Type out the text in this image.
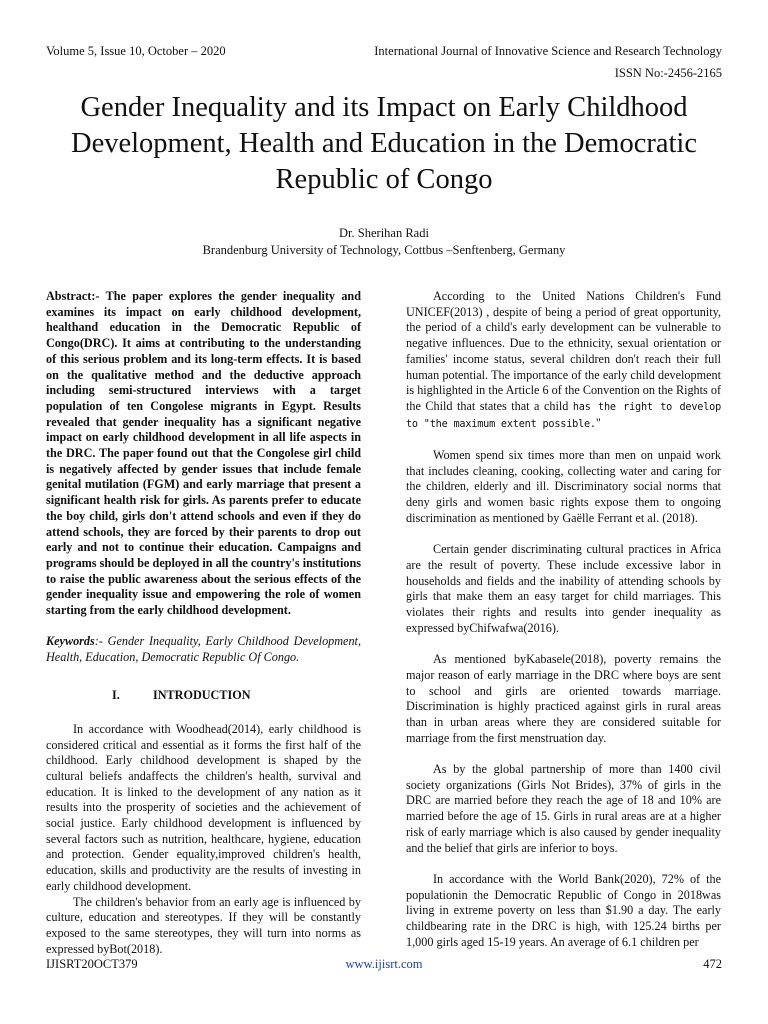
Volume 5, Issue 10, October – 2020	International Journal of Innovative Science and Research Technology
ISSN No:-2456-2165
Gender Inequality and its Impact on Early Childhood
Development, Health and Education in the Democratic
Republic of Congo
Dr. Sherihan Radi
Brandenburg University of Technology, Cottbus –Senftenberg, Germany

Abstract:- The paper explores the gender inequality and examines its impact on early childhood development, healthand education in the Democratic Republic of Congo(DRC). It aims at contributing to the understanding of this serious problem and its long-term effects. It is based on the qualitative method and the deductive approach including semi-structured interviews with a target population of ten Congolese migrants in Egypt. Results revealed that gender inequality has a significant negative impact on early childhood development in all life aspects in the DRC. The paper found out that the Congolese girl child is negatively affected by gender issues that include female genital mutilation (FGM) and early marriage that present a significant health risk for girls. As parents prefer to educate the boy child, girls don't attend schools and even if they do attend schools, they are forced by their parents to drop out early and not to continue their education. Campaigns and programs should be deployed in all the country's institutions to raise the public awareness about the serious effects of the gender inequality issue and empowering the role of women starting from the early childhood development.

Keywords:- Gender Inequality, Early Childhood Development, Health, Education, Democratic Republic Of Congo.

I.	INTRODUCTION

In accordance with Woodhead(2014), early childhood is considered critical and essential as it forms the first half of the childhood. Early childhood development is shaped by the cultural beliefs andaffects the children's health, survival and education. It is linked to the development of any nation as it results into the prosperity of societies and the achievement of social justice. Early childhood development is influenced by several factors such as nutrition, healthcare, hygiene, education and protection. Gender equality,improved children's health, education, skills and productivity are the results of investing in early childhood development.

The children's behavior from an early age is influenced by culture, education and stereotypes. If they will be constantly exposed to the same stereotypes, they will turn into norms as expressed byBot(2018).

According to the United Nations Children's Fund UNICEF(2013) , despite of being a period of great opportunity, the period of a child's early development can be vulnerable to negative influences. Due to the ethnicity, sexual orientation or families' income status, several children don't reach their full human potential. The importance of the early child development is highlighted in the Article 6 of the Convention on the Rights of the Child that states that a child has the right to develop to "the maximum extent possible."

Women spend six times more than men on unpaid work that includes cleaning, cooking, collecting water and caring for the children, elderly and ill. Discriminatory social norms that deny girls and women basic rights expose them to ongoing discrimination as mentioned by Gaëlle Ferrant et al. (2018).

Certain gender discriminating cultural practices in Africa are the result of poverty. These include excessive labor in households and fields and the inability of attending schools by girls that make them an easy target for child marriages. This violates their rights and results into gender inequality as expressed byChifwafwa(2016).

As mentioned byKabasele(2018), poverty remains the major reason of early marriage in the DRC where boys are sent to school and girls are oriented towards marriage. Discrimination is highly practiced against girls in rural areas than in urban areas where they are considered suitable for marriage from the first menstruation day.

As by the global partnership of more than 1400 civil society organizations (Girls Not Brides), 37% of girls in the DRC are married before they reach the age of 18 and 10% are married before the age of 15. Girls in rural areas are at a higher risk of early marriage which is also caused by gender inequality and the belief that girls are inferior to boys.

In accordance with the World Bank(2020), 72% of the populationin the Democratic Republic of Congo in 2018was living in extreme poverty on less than $1.90 a day. The early childbearing rate in the DRC is high, with 125.24 births per 1,000 girls aged 15-19 years. An average of 6.1 children per

IJISRT20OCT379	www.ijisrt.com	472
